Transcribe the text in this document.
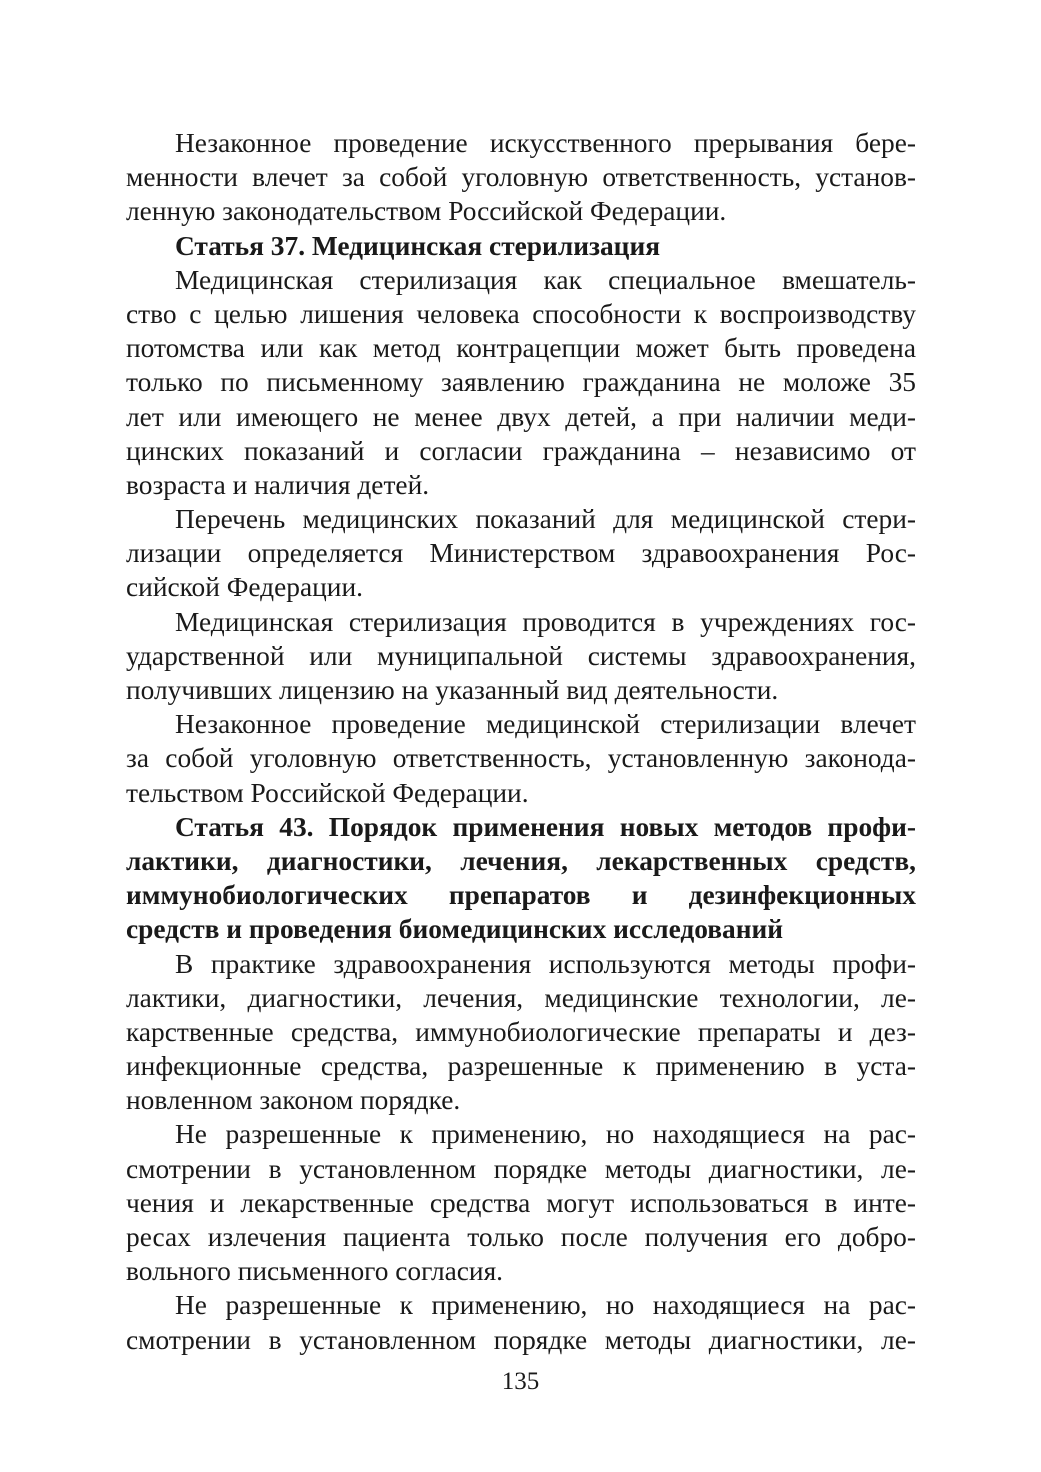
Незаконное проведение искусственного прерывания бере-
менности влечет за собой уголовную ответственность, установ-
ленную законодательством Российской Федерации.
Статья 37. Медицинская стерилизация
Медицинская стерилизация как специальное вмешатель-
ство с целью лишения человека способности к воспроизводству
потомства или как метод контрацепции может быть проведена
только по письменному заявлению гражданина не моложе 35
лет или имеющего не менее двух детей, а при наличии меди-
цинских показаний и согласии гражданина – независимо от
возраста и наличия детей.
Перечень медицинских показаний для медицинской стери-
лизации определяется Министерством здравоохранения Рос-
сийской Федерации.
Медицинская стерилизация проводится в учреждениях гос-
ударственной или муниципальной системы здравоохранения,
получивших лицензию на указанный вид деятельности.
Незаконное проведение медицинской стерилизации влечет
за собой уголовную ответственность, установленную законода-
тельством Российской Федерации.
Статья 43. Порядок применения новых методов профи-
лактики, диагностики, лечения, лекарственных средств,
иммунобиологических препаратов и дезинфекционных
средств и проведения биомедицинских исследований
В практике здравоохранения используются методы профи-
лактики, диагностики, лечения, медицинские технологии, ле-
карственные средства, иммунобиологические препараты и дез-
инфекционные средства, разрешенные к применению в уста-
новленном законом порядке.
Не разрешенные к применению, но находящиеся на рас-
смотрении в установленном порядке методы диагностики, ле-
чения и лекарственные средства могут использоваться в инте-
ресах излечения пациента только после получения его добро-
вольного письменного согласия.
Не разрешенные к применению, но находящиеся на рас-
смотрении в установленном порядке методы диагностики, ле-
135
